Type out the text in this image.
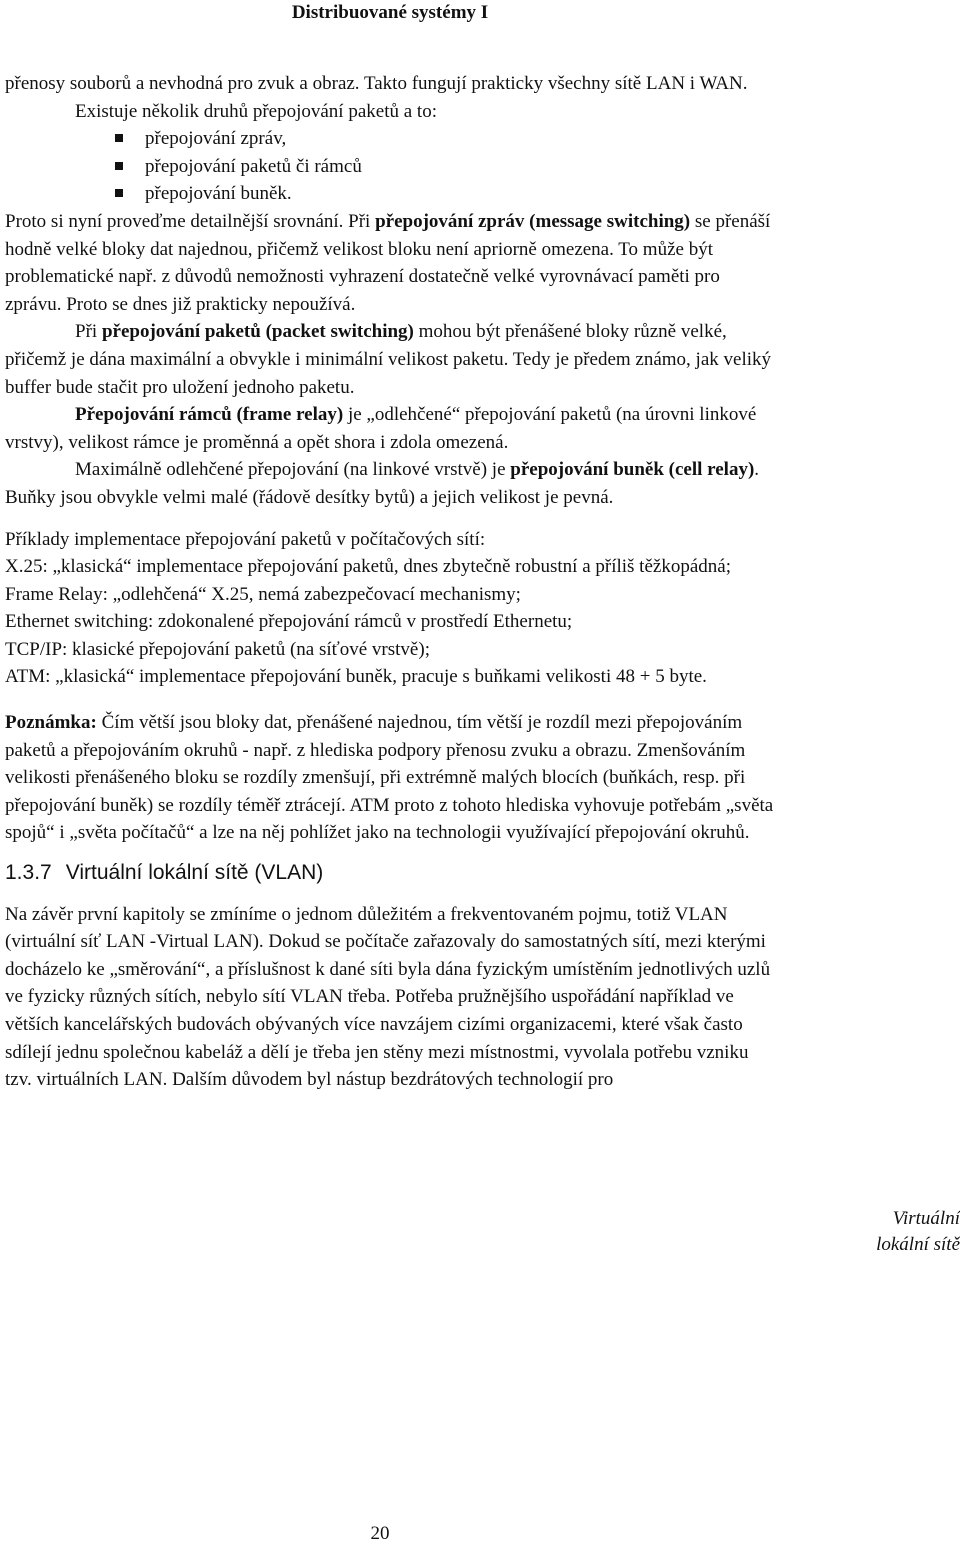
Distribuované systémy I

přenosy souborů a nevhodná pro zvuk a obraz. Takto fungují prakticky všechny sítě LAN i WAN.

Existuje několik druhů přepojování paketů a to:

přepojování zpráv,
přepojování paketů či rámců
přepojování buněk.

Proto si nyní proveďme detailnější srovnání. Při přepojování zpráv (message switching) se přenáší hodně velké bloky dat najednou, přičemž velikost bloku není apriorně omezena. To může být problematické např. z důvodů nemožnosti vyhrazení dostatečně velké vyrovnávací paměti pro zprávu. Proto se dnes již prakticky nepoužívá.

Při přepojování paketů (packet switching) mohou být přenášené bloky různě velké, přičemž je dána maximální a obvykle i minimální velikost paketu. Tedy je předem známo, jak veliký buffer bude stačit pro uložení jednoho paketu.

Přepojování rámců (frame relay) je „odlehčené“ přepojování paketů (na úrovni linkové vrstvy), velikost rámce je proměnná a opět shora i zdola omezená.

Maximálně odlehčené přepojování (na linkové vrstvě) je přepojování buněk (cell relay). Buňky jsou obvykle velmi malé (řádově desítky bytů) a jejich velikost je pevná.

Příklady implementace přepojování paketů v počítačových sítí:

X.25: „klasická“ implementace přepojování paketů, dnes zbytečně robustní a příliš těžkopádná;

Frame Relay: „odlehčená“ X.25, nemá zabezpečovací mechanismy;

Ethernet switching: zdokonalené přepojování rámců v prostředí Ethernetu;

TCP/IP: klasické přepojování paketů (na síťové vrstvě);

ATM: „klasická“ implementace přepojování buněk, pracuje s buňkami velikosti 48 + 5 byte.

Poznámka: Čím větší jsou bloky dat, přenášené najednou, tím větší je rozdíl mezi přepojováním paketů a přepojováním okruhů - např. z hlediska podpory přenosu zvuku a obrazu. Zmenšováním velikosti přenášeného bloku se rozdíly zmenšují, při extrémně malých blocích (buňkách, resp. při přepojování buněk) se rozdíly téměř ztrácejí. ATM proto z tohoto hlediska vyhovuje potřebám „světa spojů“ i „světa počítačů“ a lze na něj pohlížet jako na technologii využívající přepojování okruhů.

1.3.7 Virtuální lokální sítě (VLAN)

Na závěr první kapitoly se zmíníme o jednom důležitém a frekventovaném pojmu, totiž VLAN (virtuální síť LAN -Virtual LAN). Dokud se počítače zařazovaly do samostatných sítí, mezi kterými docházelo ke „směrování“, a příslušnost k dané síti byla dána fyzickým umístěním jednotlivých uzlů ve fyzicky různých sítích, nebylo sítí VLAN třeba. Potřeba pružnějšího uspořádání například ve větších kancelářských budovách obývaných více navzájem cizími organizacemi, které však často sdílejí jednu společnou kabeláž a dělí je třeba jen stěny mezi místnostmi, vyvolala potřebu vzniku tzv. virtuálních LAN. Dalším důvodem byl nástup bezdrátových technologií pro

Virtuální
lokální sítě
20
